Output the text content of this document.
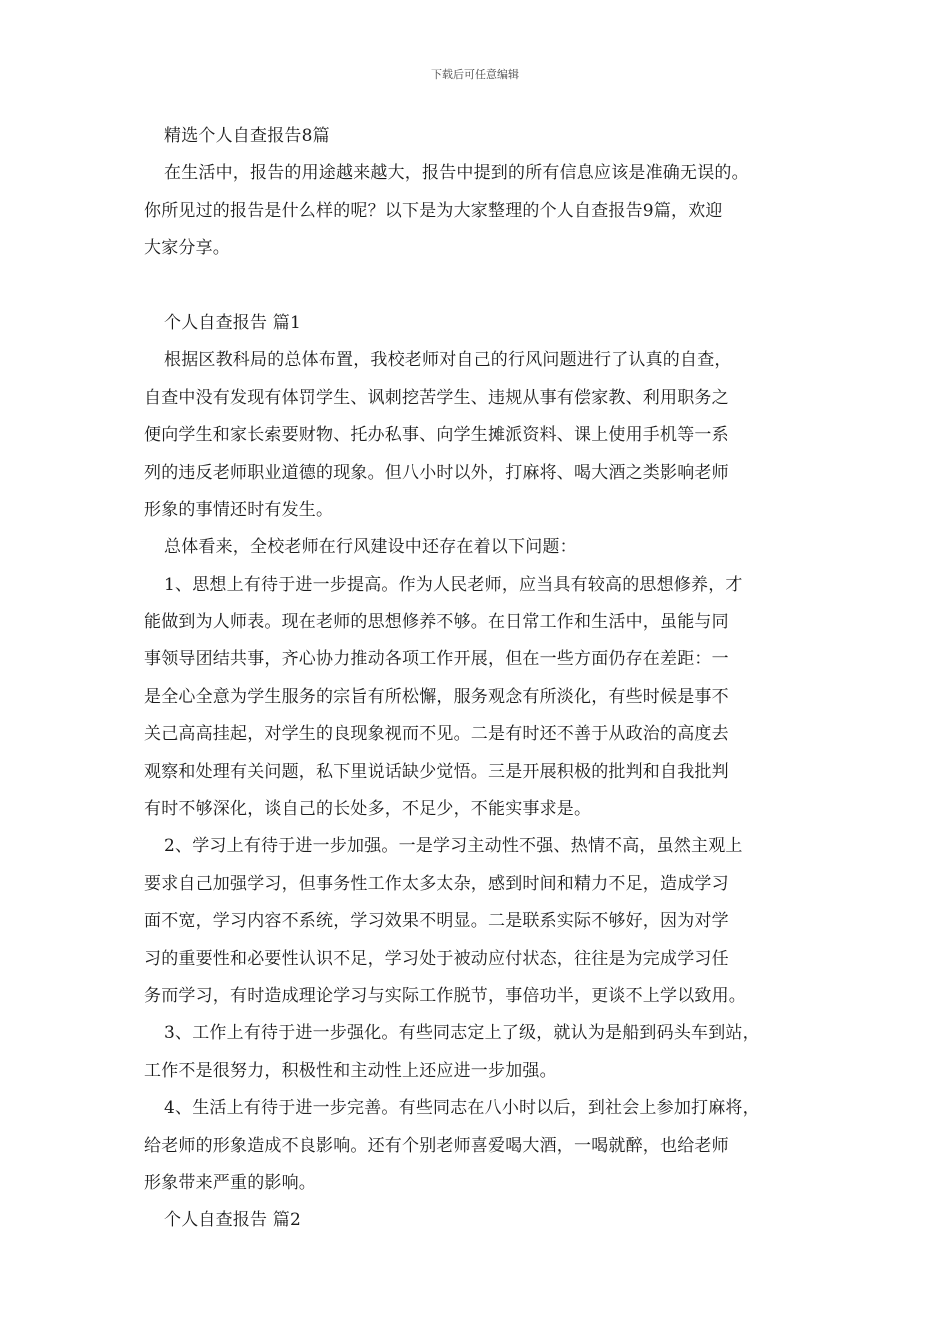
下载后可任意编辑
精选个人自查报告8篇
在生活中，报告的用途越来越大，报告中提到的所有信息应该是准确无误的。
你所见过的报告是什么样的呢？以下是为大家整理的个人自查报告9篇，欢迎
大家分享。
个人自查报告 篇1
根据区教科局的总体布置，我校老师对自己的行风问题进行了认真的自查，
自查中没有发现有体罚学生、讽刺挖苦学生、违规从事有偿家教、利用职务之
便向学生和家长索要财物、托办私事、向学生摊派资料、课上使用手机等一系
列的违反老师职业道德的现象。但八小时以外，打麻将、喝大酒之类影响老师
形象的事情还时有发生。
总体看来，全校老师在行风建设中还存在着以下问题：
1、思想上有待于进一步提高。作为人民老师，应当具有较高的思想修养，才
能做到为人师表。现在老师的思想修养不够。在日常工作和生活中，虽能与同
事领导团结共事，齐心协力推动各项工作开展，但在一些方面仍存在差距：一
是全心全意为学生服务的宗旨有所松懈，服务观念有所淡化，有些时候是事不
关己高高挂起，对学生的良现象视而不见。二是有时还不善于从政治的高度去
观察和处理有关问题，私下里说话缺少觉悟。三是开展积极的批判和自我批判
有时不够深化，谈自己的长处多，不足少，不能实事求是。
2、学习上有待于进一步加强。一是学习主动性不强、热情不高，虽然主观上
要求自己加强学习，但事务性工作太多太杂，感到时间和精力不足，造成学习
面不宽，学习内容不系统，学习效果不明显。二是联系实际不够好，因为对学
习的重要性和必要性认识不足，学习处于被动应付状态，往往是为完成学习任
务而学习，有时造成理论学习与实际工作脱节，事倍功半，更谈不上学以致用。
3、工作上有待于进一步强化。有些同志定上了级，就认为是船到码头车到站，
工作不是很努力，积极性和主动性上还应进一步加强。
4、生活上有待于进一步完善。有些同志在八小时以后，到社会上参加打麻将，
给老师的形象造成不良影响。还有个别老师喜爱喝大酒，一喝就醉，也给老师
形象带来严重的影响。
个人自查报告 篇2
